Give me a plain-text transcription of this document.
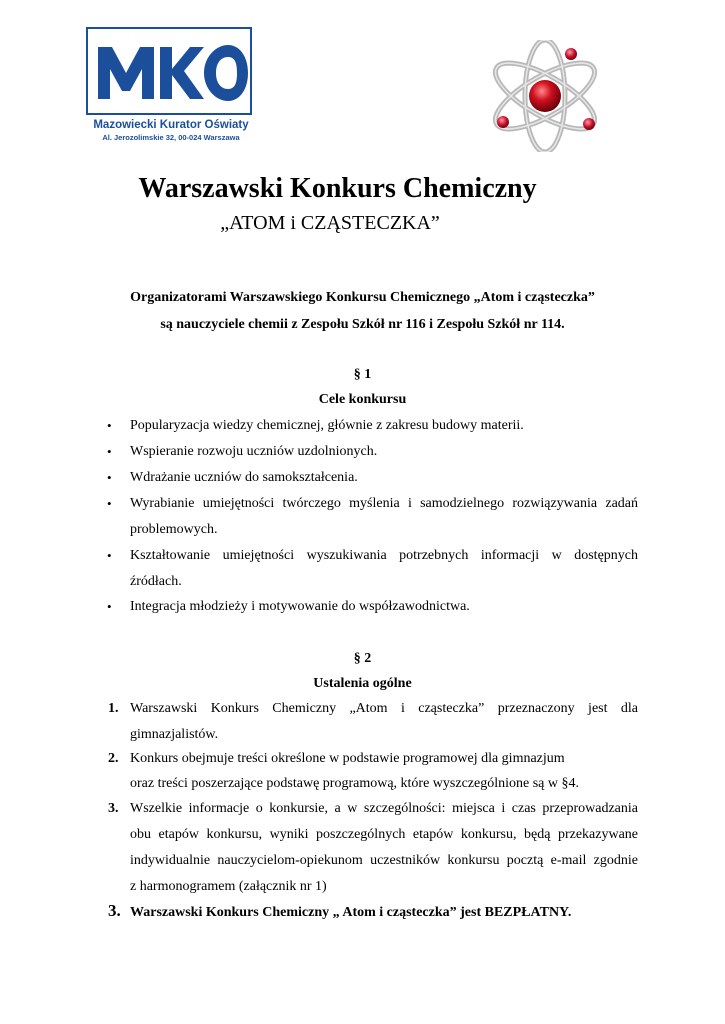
Mazowiecki Kurator Oświaty
Al. Jerozolimskie 32, 00-024 Warszawa
Warszawski Konkurs Chemiczny
„ATOM i CZĄSTECZKA”
Organizatorami Warszawskiego Konkursu Chemicznego „Atom i cząsteczka”
są nauczyciele chemii z Zespołu Szkół nr 116 i Zespołu Szkół nr 114.
§ 1
Cele konkursu
• Popularyzacja wiedzy chemicznej, głównie z zakresu budowy materii.
• Wspieranie rozwoju uczniów uzdolnionych.
• Wdrażanie uczniów do samokształcenia.
• Wyrabianie umiejętności twórczego myślenia i samodzielnego rozwiązywania zadań
problemowych.
• Kształtowanie umiejętności wyszukiwania potrzebnych informacji w dostępnych
źródłach.
• Integracja młodzieży i motywowanie do współzawodnictwa.
§ 2
Ustalenia ogólne
1. Warszawski Konkurs Chemiczny „Atom i cząsteczka” przeznaczony jest dla
gimnazjalistów.
2. Konkurs obejmuje treści określone w podstawie programowej dla gimnazjum
oraz treści poszerzające podstawę programową, które wyszczególnione są w §4.
3. Wszelkie informacje o konkursie, a w szczególności: miejsca i czas przeprowadzania
obu etapów konkursu, wyniki poszczególnych etapów konkursu, będą przekazywane
indywidualnie nauczycielom-opiekunom uczestników konkursu pocztą e-mail zgodnie
z harmonogramem (załącznik nr 1)
3. Warszawski Konkurs Chemiczny „ Atom i cząsteczka” jest BEZPŁATNY.
